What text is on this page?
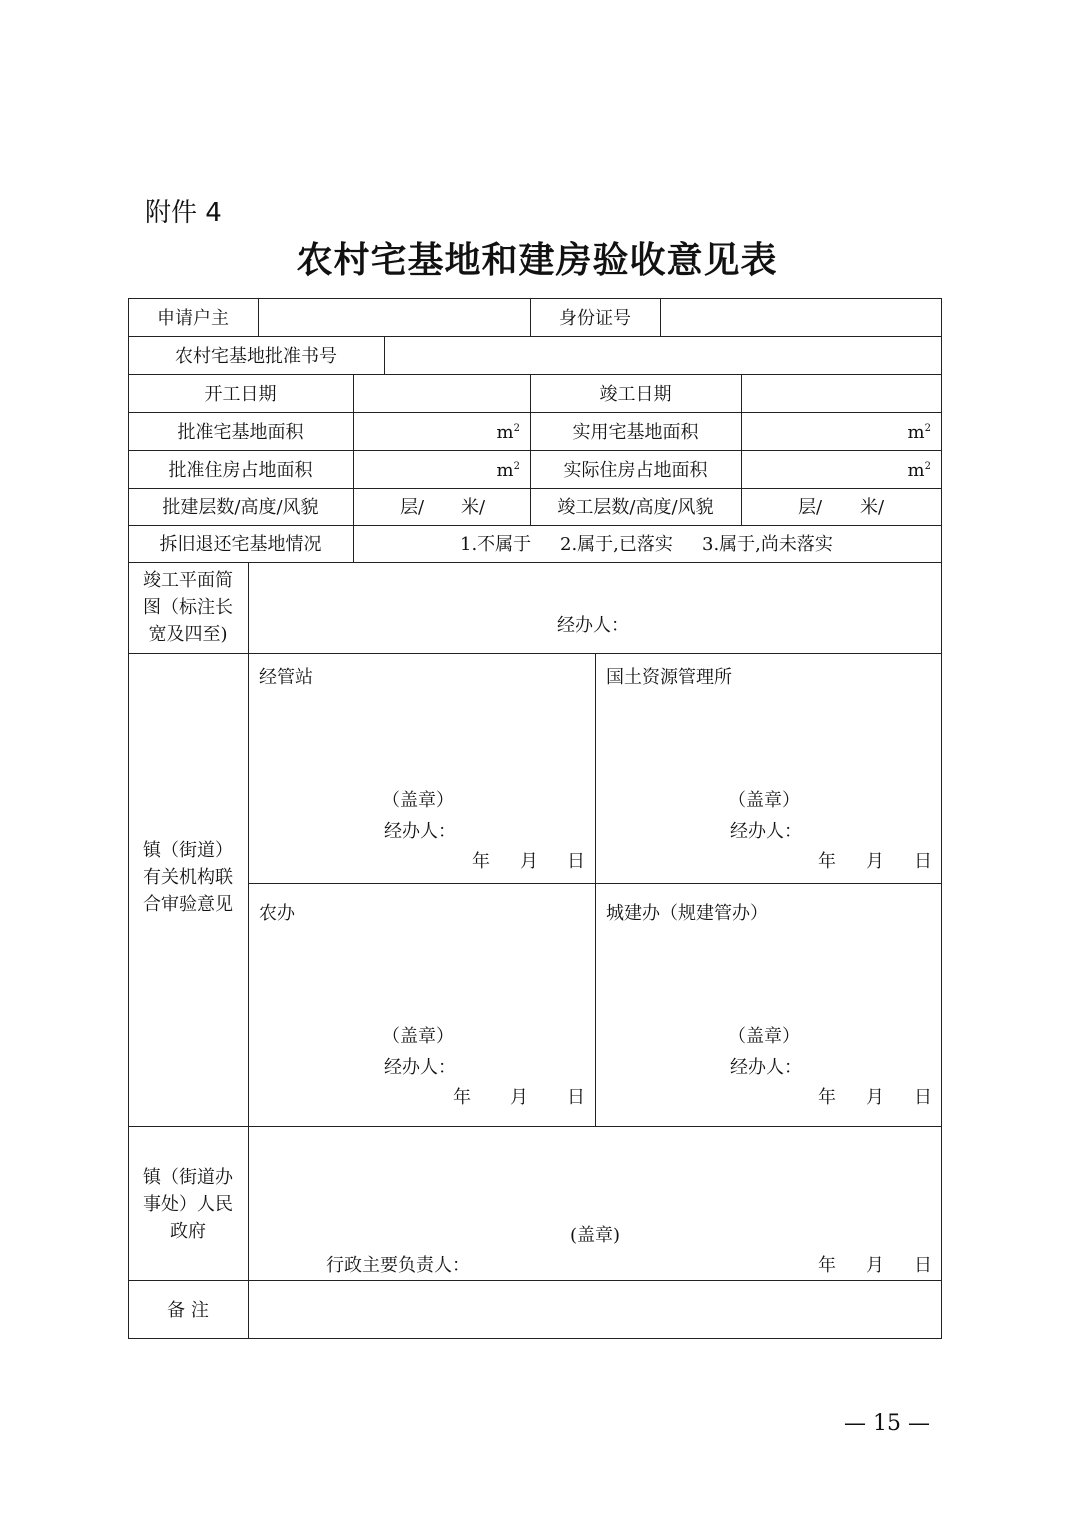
附件 4
农村宅基地和建房验收意见表
申请户主	身份证号
农村宅基地批准书号
开工日期	竣工日期
批准宅基地面积	$m^2$	实用宅基地面积	$m^2$
批准住房占地面积	$m^2$	实际住房占地面积	$m^2$
批建层数/高度/风貌	层/ 米/	竣工层数/高度/风貌	层/ 米/
拆旧退还宅基地情况	1.不属于 2.属于,已落实 3.属于,尚未落实
竣工平面简图（标注长宽及四至)	经办人：
镇（街道）有关机构联合审验意见
经管站
（盖章）
经办人：
年 月 日
国土资源管理所
（盖章）
经办人：
年 月 日
农办
（盖章）
经办人：
年 月 日
城建办（规建管办）
（盖章）
经办人：
年 月 日
镇（街道办事处）人民政府	(盖章)
行政主要负责人：	年 月 日
备 注
— 15 —
